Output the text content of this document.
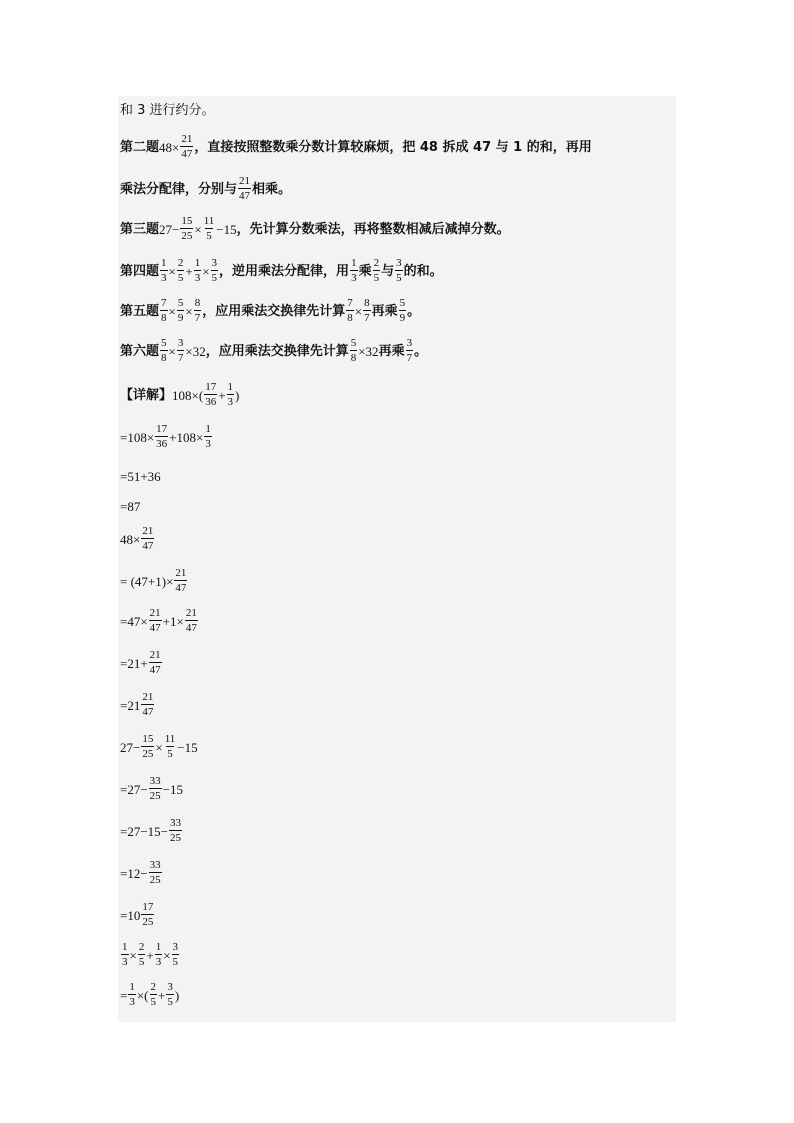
和 3 进行约分。
第二题 $48\times \frac{21}{47}$ ，直接按照整数乘分数计算较麻烦，把 48 拆成 47 与 1 的和，再用
乘法分配律，分别与 $\frac{21}{47}$ 相乘。
第三题 $27- \frac{15}{25} \times \frac{11}{5} -15$ ，先计算分数乘法，再将整数相减后减掉分数。
第四题 $\frac{1}{3} \times \frac{2}{5} + \frac{1}{3} \times \frac{3}{5}$ ，逆用乘法分配律，用 $\frac{1}{3}$ 乘 $\frac{2}{5}$ 与 $\frac{3}{5}$ 的和。
第五题 $\frac{7}{8} \times \frac{5}{9} \times \frac{8}{7}$ ，应用乘法交换律先计算 $\frac{7}{8} \times \frac{8}{7}$ 再乘 $\frac{5}{9}$ 。
第六题 $\frac{5}{8} \times \frac{3}{7} \times 32$ ，应用乘法交换律先计算 $\frac{5}{8} \times 32$ 再乘 $\frac{3}{7}$ 。
【详解】 $108\times( \frac{17}{36} + \frac{1}{3}$ )
$=108\times \frac{17}{36} +108\times \frac{1}{3}$
=51+36
=87
$48\times \frac{21}{47}$
= $(47+1)\times \frac{21}{47}$
$=47\times \frac{21}{47} +1\times \frac{21}{47}$
$=21+ \frac{21}{47}$
$=21 \frac{21}{47}$
$27- \frac{15}{25} \times \frac{11}{5} -15$
$=27- \frac{33}{25} -15$
$=27-15- \frac{33}{25}$
$=12- \frac{33}{25}$
$=10 \frac{17}{25}$
$\frac{1}{3} \times \frac{2}{5} + \frac{1}{3} \times \frac{3}{5}$
= $\frac{1}{3}$ ×( $\frac{2}{5} + \frac{3}{5}$ )
